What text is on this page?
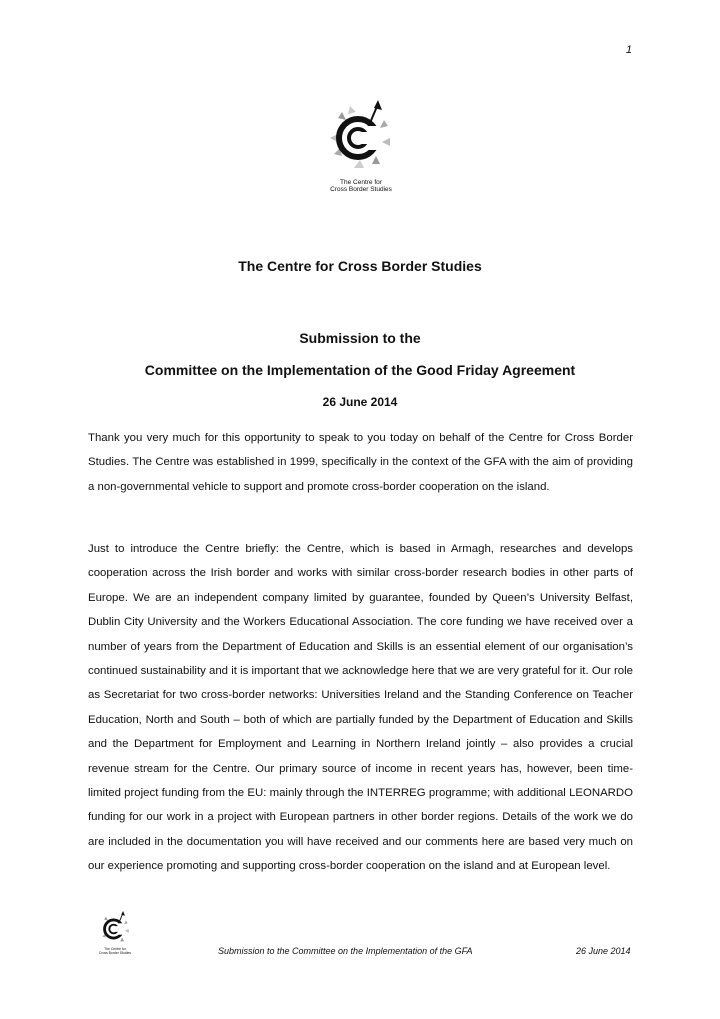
1
The Centre for
Cross Border Studies
The Centre for Cross Border Studies
Submission to the
Committee on the Implementation of the Good Friday Agreement
26 June 2014

Thank you very much for this opportunity to speak to you today on behalf of the Centre for Cross Border Studies. The Centre was established in 1999, specifically in the context of the GFA with the aim of providing a non-governmental vehicle to support and promote cross-border cooperation on the island.

Just to introduce the Centre briefly: the Centre, which is based in Armagh, researches and develops cooperation across the Irish border and works with similar cross-border research bodies in other parts of Europe. We are an independent company limited by guarantee, founded by Queen’s University Belfast, Dublin City University and the Workers Educational Association. The core funding we have received over a number of years from the Department of Education and Skills is an essential element of our organisation’s continued sustainability and it is important that we acknowledge here that we are very grateful for it. Our role as Secretariat for two cross-border networks: Universities Ireland and the Standing Conference on Teacher Education, North and South – both of which are partially funded by the Department of Education and Skills and the Department for Employment and Learning in Northern Ireland jointly – also provides a crucial revenue stream for the Centre. Our primary source of income in recent years has, however, been time-limited project funding from the EU: mainly through the INTERREG programme; with additional LEONARDO funding for our work in a project with European partners in other border regions. Details of the work we do are included in the documentation you will have received and our comments here are based very much on our experience promoting and supporting cross-border cooperation on the island and at European level.

The Centre for
Cross Border Studies	Submission to the Committee on the Implementation of the GFA	26 June 2014
